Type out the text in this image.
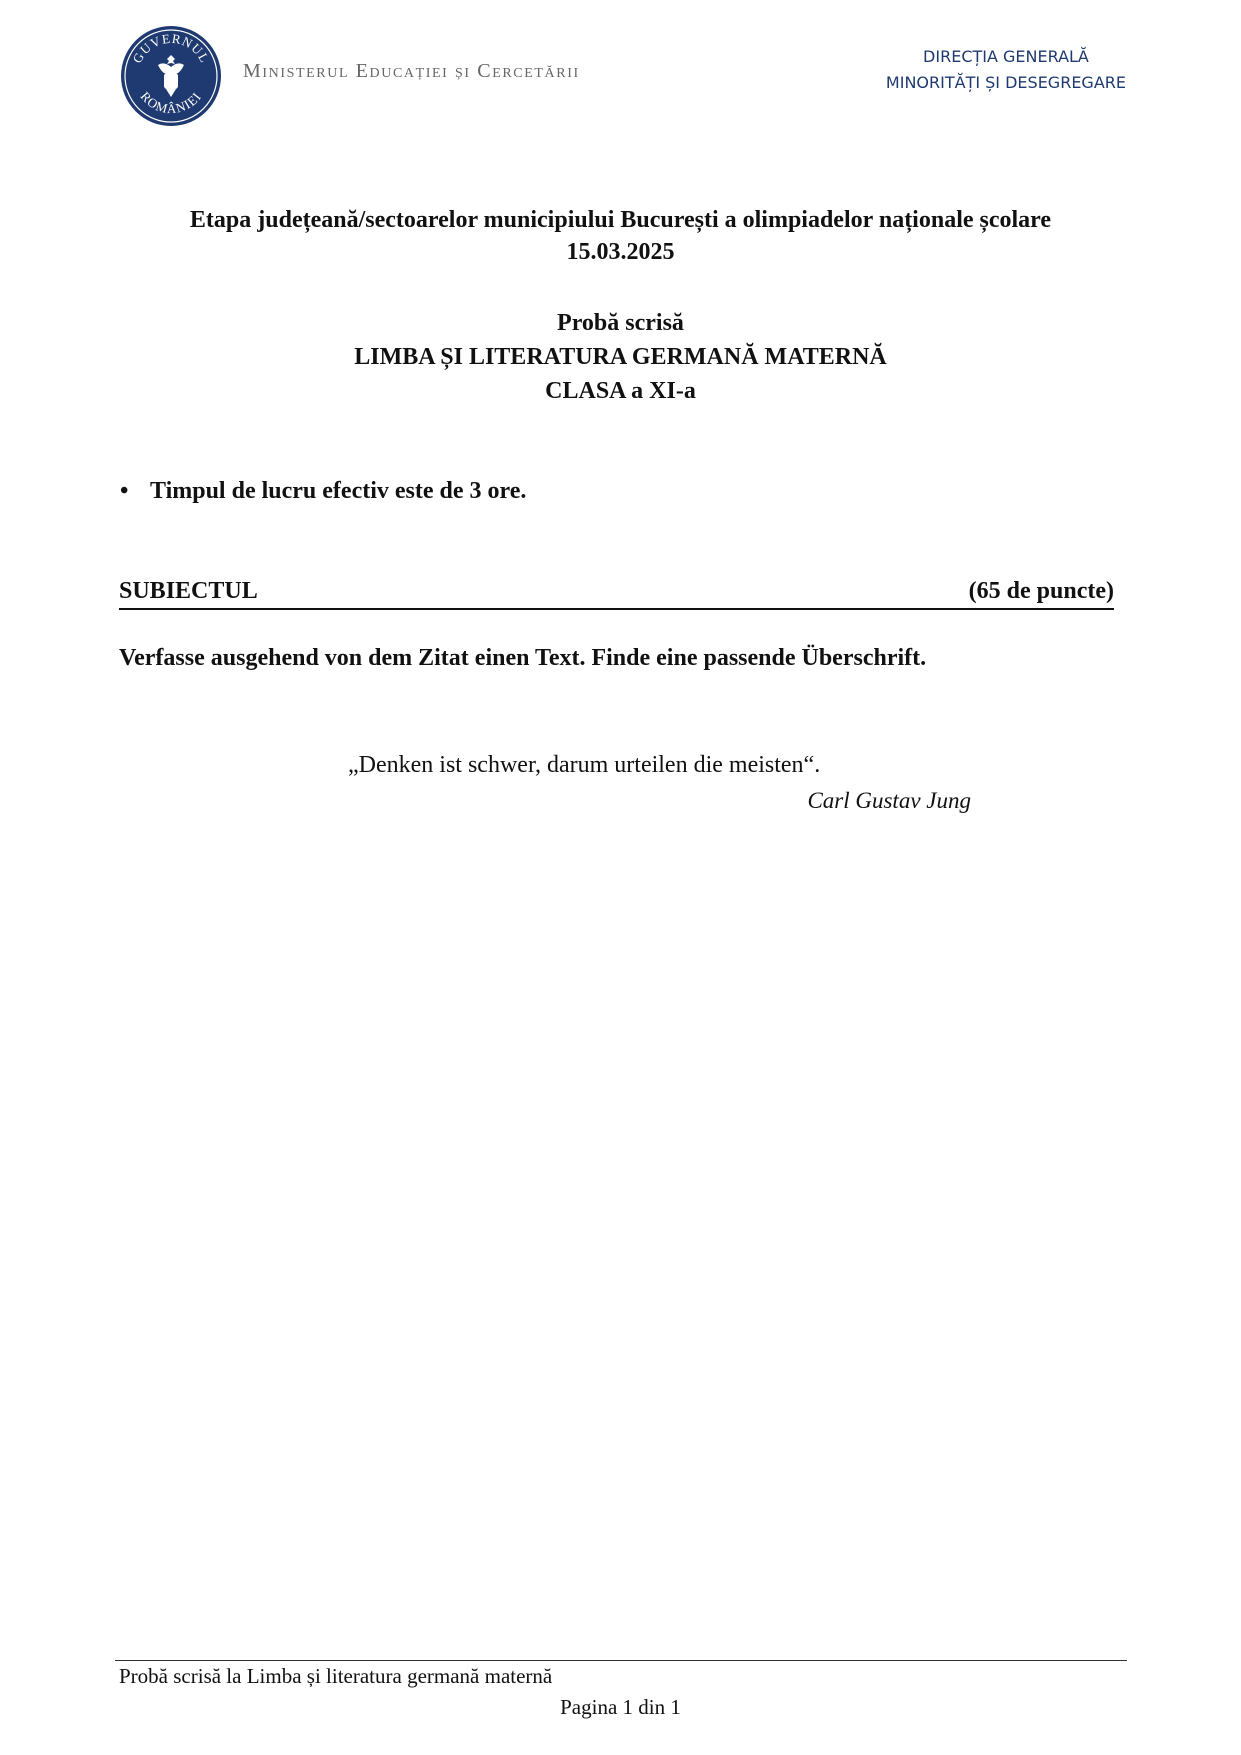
GUVERNUL
ROMÂNIEI
Ministerul Educației și Cercetării
DIRECȚIA GENERALĂ
MINORITĂȚI ȘI DESEGREGARE
Etapa județeană/sectoarelor municipiului București a olimpiadelor naționale școlare
15.03.2025
Probă scrisă
LIMBA ȘI LITERATURA GERMANĂ MATERNĂ
CLASA a XI-a
• Timpul de lucru efectiv este de 3 ore.
SUBIECTUL	(65 de puncte)
Verfasse ausgehend von dem Zitat einen Text. Finde eine passende Überschrift.
„Denken ist schwer, darum urteilen die meisten“.
Carl Gustav Jung
Probă scrisă la Limba și literatura germană maternă
Pagina 1 din 1
